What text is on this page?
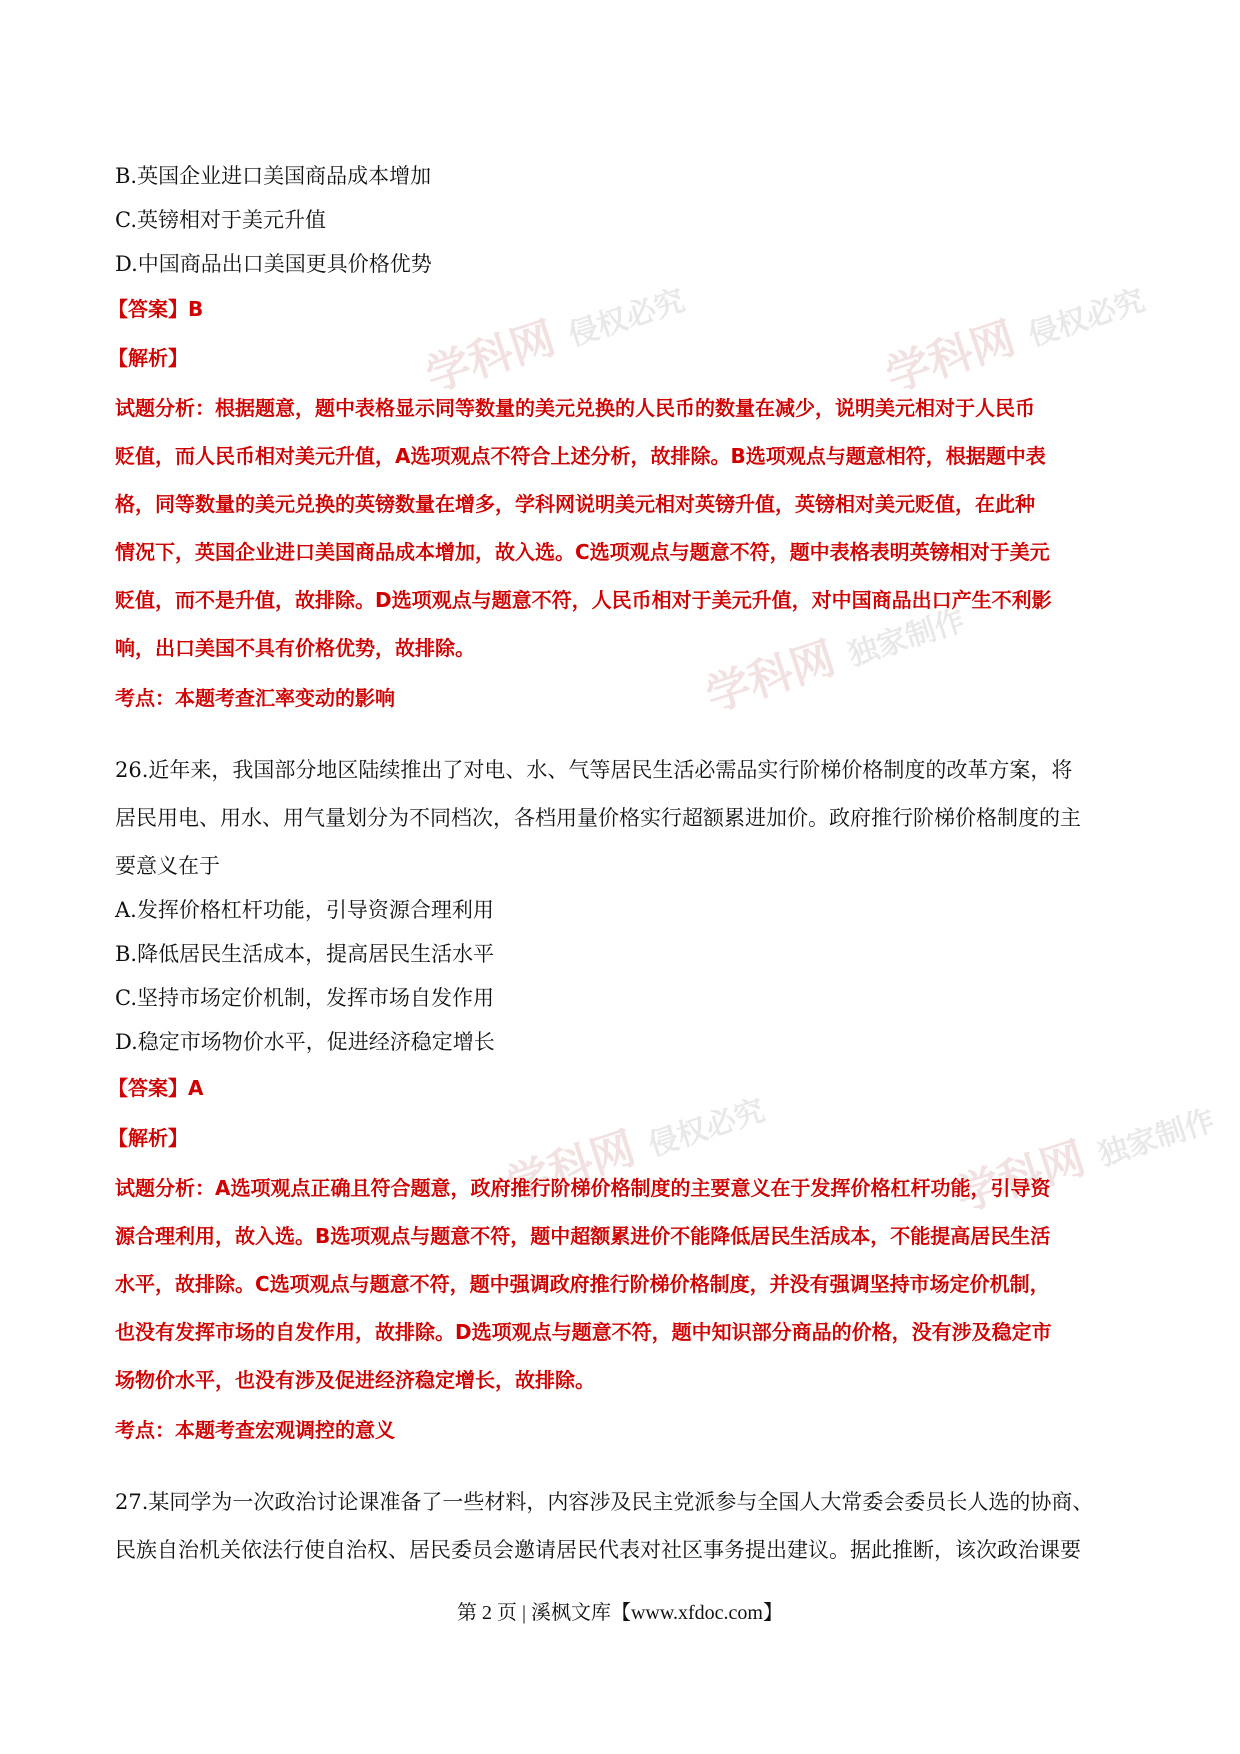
学科网 侵权必究	学科网 侵权必究
学科网 独家制作
学科网 侵权必究
学科网 独家制作
B.英国企业进口美国商品成本增加
C.英镑相对于美元升值
D.中国商品出口美国更具价格优势
【答案】B
【解析】
试题分析：根据题意，题中表格显示同等数量的美元兑换的人民币的数量在减少，说明美元相对于人民币
贬值，而人民币相对美元升值，A选项观点不符合上述分析，故排除。B选项观点与题意相符，根据题中表
格，同等数量的美元兑换的英镑数量在增多，学科网说明美元相对英镑升值，英镑相对美元贬值，在此种
情况下，英国企业进口美国商品成本增加，故入选。C选项观点与题意不符，题中表格表明英镑相对于美元
贬值，而不是升值，故排除。D选项观点与题意不符，人民币相对于美元升值，对中国商品出口产生不利影
响，出口美国不具有价格优势，故排除。
考点：本题考查汇率变动的影响
26.近年来，我国部分地区陆续推出了对电、水、气等居民生活必需品实行阶梯价格制度的改革方案，将
居民用电、用水、用气量划分为不同档次，各档用量价格实行超额累进加价。政府推行阶梯价格制度的主
要意义在于
A.发挥价格杠杆功能，引导资源合理利用
B.降低居民生活成本，提高居民生活水平
C.坚持市场定价机制，发挥市场自发作用
D.稳定市场物价水平，促进经济稳定增长
【答案】A
【解析】
试题分析：A选项观点正确且符合题意，政府推行阶梯价格制度的主要意义在于发挥价格杠杆功能，引导资
源合理利用，故入选。B选项观点与题意不符，题中超额累进价不能降低居民生活成本，不能提高居民生活
水平，故排除。C选项观点与题意不符，题中强调政府推行阶梯价格制度，并没有强调坚持市场定价机制，
也没有发挥市场的自发作用，故排除。D选项观点与题意不符，题中知识部分商品的价格，没有涉及稳定市
场物价水平，也没有涉及促进经济稳定增长，故排除。
考点：本题考查宏观调控的意义
27.某同学为一次政治讨论课准备了一些材料，内容涉及民主党派参与全国人大常委会委员长人选的协商、
民族自治机关依法行使自治权、居民委员会邀请居民代表对社区事务提出建议。据此推断，该次政治课要
第 2 页 | 溪枫文库【www.xfdoc.com】
